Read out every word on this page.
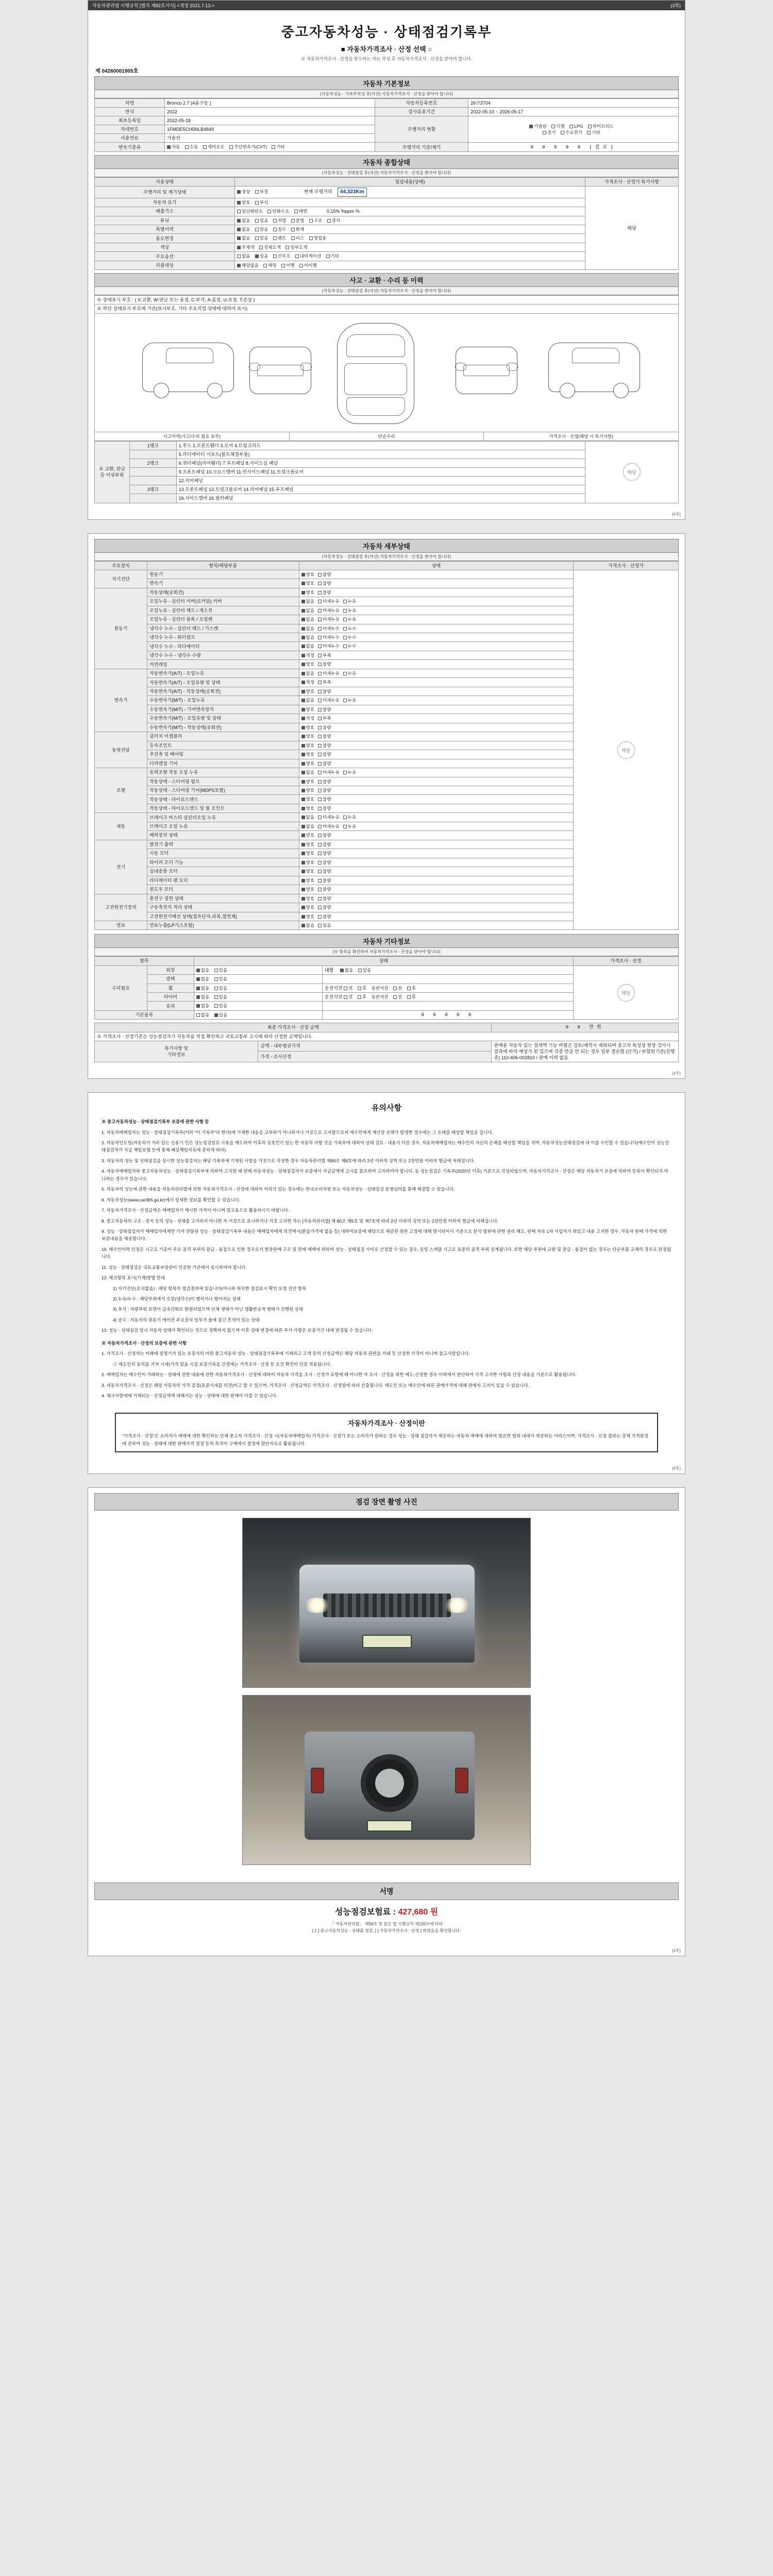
자동차관리법 시행규칙 [별지 제82호서식] <개정 2021.7.13.>	(3쪽)
중고자동차성능 · 상태점검기록부
■ 자동차가격조사 · 산정 선택 ○
※ 자동차가격조사 · 산정을 받으려는 자는 작성 후 자동차가격조사 · 산정을 받아야 합니다.
제 04260001905호
자동차 기본정보
(자동차성능 · 기록부작성 후(자산) 자동차가격조사 · 산정을 받아야 합니다)
차명	Bronco 2.7 (4륜구동 )	자동차등록번호	26구3704
연식	2022	검사유효기간	2022-05-10 ~ 2026-05-17
최초등록일	2022-05-18	주행거리 현황	가솔린 디젤 LPG 하이브리드
전기 수소전기 기타
차대번호	1FMDE5CH5NLB4849		
사용연료	가솔린		
변속기종류	자동 수동 세미오토 무단변속기(CVT) 기타	주행거리 기준/계기	0 0 0 0 0 (킬로)
자동차 종합상태
(자동차성능 · 상태점검 후(자산) 자동차가격조사 · 산정을 받아야 합니다)
사용상태	점검내용(상태)	가격조사 · 산정가 특기사항
주행거리 및 계기상태	정상 부정 현재 주행거리 44,323Km	해당
자동차 표기	양호 부식	
배출가스	일산화탄소 탄화수소 매연 0.15% %ppm %	
튜닝	없음 있음 적법 불법 구조 장치	
특별이력	없음 있음 침수 화재	
용도변경	없음 있음 렌트 리스 영업용	
색상	무채색 전체도색 일부도색	
주요옵션	없음 있음 선루프 내비게이션 기타	
리콜대상	해당없음 해당 이행 미이행	
사고 · 교환 · 수리 등 이력
(자동차성능 · 상태점검 후(자산) 자동차가격조사 · 산정을 받아야 합니다)
※ 상태표시 부호 : ( X:교환, W:판금 또는 용접, C:부식, A:흠집, U:요철, T:손상 )
※ 하단 상태표시 부호에 기준(표시부호, 기타 주요작업 상태에 대하여 표시)
사고이력(사고/수리 필요 유무)	단순수리	가격조사 · 산정(해당 시 특기사항)
※ 교환, 판금 등 이상부위	1랭크	1.후드 2.프론트휀더 3.도어 4.트렁크리드	해당
		5.라디에이터 서포트(볼트체결부품)	
	2랭크	6.쿼터패널(리어휀더) 7.루프패널 8.사이드실 패널	
		9.프론트패널 10.크로스멤버 11.인사이드패널 11.트렁크플로어	
		12.리어패널	
	3랭크	13.프론트패널 13.트렁크플로어 14.리어패널 15.루프패널	
		16.사이드멤버 16.필러패널	
(4쪽)
자동차 세부상태
(자동차성능 · 상태점검 후(자산) 자동차가격조사 · 산정을 받아야 합니다)
주요장치	항목/해당부품	상태	가격조사 · 산정가
자기진단	원동기	양호 불량	해당
	변속기	양호 불량	
원동기	작동상태(공회전)	양호 불량	
	오일누유 - 실린더 커버(로커암) 커버	없음 미세누유 누유	
	오일누유 - 실린더 헤드 / 개스킷	없음 미세누유 누유	
	오일누유 - 실린더 블록 / 오일팬	없음 미세누유 누유	
	냉각수 누수 - 실린더 헤드 / 가스켓	없음 미세누수 누수	
	냉각수 누수 - 워터펌프	없음 미세누수 누수	
	냉각수 누수 - 라디에이터	없음 미세누수 누수	
	냉각수 누수 - 냉각수 수량	적정 부족	
	커먼레일	양호 불량	
변속기	자동변속기(A/T) - 오일누유	없음 미세누유 누유	
	자동변속기(A/T) - 오일유량 및 상태	적정 부족	
	자동변속기(A/T) - 작동상태(공회전)	양호 불량	
	수동변속기(M/T) - 오일누유	없음 미세누유 누유	
	수동변속기(M/T) - 기어변속장치	양호 불량	
	수동변속기(M/T) - 오일유량 및 상태	적정 부족	
	수동변속기(M/T) - 작동상태(공회전)	양호 불량	
동력전달	클러치 어셈블리	양호 불량	
	등속조인트	양호 불량	
	추진축 및 베어링	양호 불량	
	디퍼렌셜 기어	양호 불량	
조향	동력조향 작동 오일 누유	없음 미세누유 누유	
	작동상태 - 스티어링 펌프	양호 불량	
	작동상태 - 스티어링 기어(MDPS포함)	양호 불량	
	작동상태 - 타이로드엔드	양호 불량	
	작동상태 - 타이로드앤드 및 볼 조인트	양호 불량	
제동	브레이크 마스터 실린더오일 누유	없음 미세누유 누유	
	브레이크 오일 누유	없음 미세누유 누유	
	배력장치 상태	양호 불량	
전기	발전기 출력	양호 불량	
	시동 모터	양호 불량	
	와이퍼 모터 기능	양호 불량	
	실내송풍 모터	양호 불량	
	라디에이터 팬 모터	양호 불량	
	윈도우 모터	양호 불량	
고전원전기장치	충전구 절연 상태	양호 불량	
	구동축전지 격리 상태	양호 불량	
	고전원전기배선 상태(접속단자,피복,절연체)	양호 불량	
연료	연료누출(LP가스포함)	없음 있음	
자동차 기타정보
(※ 항목을 확인하여 자동차가격조사 · 산정을 받아야 합니다)
항목		상태		가격조사 · 산정
수리필요	외장	없음 있음	내장 없음 있음	해당
	광택	없음 있음		
	휠	없음 있음	운전석전 전 후 동반석전 전 후	
	타이어	없음 있음	운전석전 전 후 동반석전 전 후	
	유리	없음 있음		
기본품목		없음 있음	0 0 0 0 0	
최종 가격조사 · 산정 금액		0 0 만원
※ 가격조사 · 산정기준은 성능점검자가 자동차를 직접 확인하고 국토교통부 고시에 따라 산정한 금액입니다.		
특기사항 및
기타정보	금액 - 내부평균가격	판매용 자동차 있는 절세액 기능 바뀔은 검토/제작시 제외되며 중고차 특성상 현장 검사시 결과에 따라 예상가 된 있으며 각종 만큼 안 되는 경우 일부 결손할 (단가) / 부합된기준(진행중) 110-406-002810 / 판매 이력 없음
	가격 - 조사산정	
(4쪽)
유의사항

※ 중고자동차성능 · 상태점검기록부 보증에 관한 사항 등

1. 자동차매매업자는 성능 · 상태점검기록부(이하 "이 기록부"라 한다)에 기재한 내용을 교부하기 아니하거나 거짓으로 고지할으로써 매수인에게 재산상 손해가 발생한 경우에는 그 손해를 배상할 책임을 집니다.

2. 자동차인도일(자동차가 거주 있는 신용기 인은 성능점검일로 사용을 매도하여 이후의 상호인기 있는 한 자동차 사항 것을 기록부에 대하여 상태 검토 · 내용가 다른 경우, 자동차매매업자는 매수인의 자신의 손해를 배상할 책임을 지며, 자동차성능상태점검에 대 이를 수인할 수 있습니다(매수인이 성능상태점검자가 지급 책임보험 등에 통해 배상책임자료에 준하게 따라).

3. 자동차의 성능 및 상태점검을 실시한 성능점검자는 해당 기록부에 기재된 사항을 거짓으로 작성한 경우 자동차관리법 제80조 제8호에 따라 2년 이하의 징역 또는 2천만원 이하의 벌금에 처해집니다.

4. 자동차매매업자와 중고자동차성능 · 상태점검기록부에 의하여 고지할 때 판매 자동차성능 · 상태점검자가 보증에서 지급금액에 고시를 참조하여 고지하여야 합니다. 동 성능점검은 기록부(2020년 이후) 기준으로 작성되었으며, 자동차가격조사 · 산정은 해당 자동차가 보증에 의하여 등록이 확인되지 아니하는 경우가 있습니다.

5. 자동차의 성능에 관한 내용을 자동차관리법에 의한 자동차가격조사 · 산정에 대하여 이의가 있는 경우에는 한국소비자원 또는 자동차성능 · 상태점검 분쟁심의를 통해 해결할 수 있습니다.

6. 자동차성능(www.car365.go.kr)에서 상세한 정보를 확인할 수 있습니다.

7. 자동차가격조사 · 산정금액은 매매업자가 제시한 가격이 아니며 참고용으로 활용하시기 바랍니다.

8. 중고자동차의 구조 · 장치 등의 성능 · 상태를 고지하지 아니한 자 거짓으로 표시하거나 거짓 고지한 자는 [자동차관리법] 제 80조 제5호 및 제7호에 따라 2년 이하의 징역 또는 2천만원 이하의 벌금에 처해집니다.

9. 성능 · 상태점검자가 매매업자에게만 가지 전달된 성능 · 상태점검기록부 내용은 매매업자에게 의견제시(환불가격에 없음 등) 대하여보증에 해당으로 제공된 원본 고정에 대해 명시되어서 기준으로 분석 범위에 관한 권리 해도, 판매 자료 1차 사업자가 외있고 내용 고지한 경우, 자동차 판매 가격에 의한 보증내용을 제공합니다.

10. 매수인이력 인정은 시고로 기종이 주요 골격 부위의 판금 · 용접으로 인한 경우로서 현장판매 구조 및 판매 매매에 위하여 성능 · 상태점검 사이로 산정할 수 있는 경우, 동일 스케쥴 시고로 표준의 골격 부위 설계됩니다. 또한 해당 부위에 교환 및 판금 · 용접이 없는 경우는 단순부품 교체의 경우로 판정됩니다.

11. 성능 · 상태점검은 국토교통부장관이 인증한 기관에서 실시하여야 합니다.

12. 체크항목 표시(기재)방법 안내

1) 자기진단(조치없음) : 해당 항목의 점검결과에 있습니다(아니하 위치한 점검표시 확인 요청 진단 항목

2) 누유/누수 : 해당부위에서 오일(냉각수)이 맺히거나 떨어지는 상태

3) 부식 : 차량부위 표면이 금속산화로 환원되었으며 단체 생태가 아닌 생활반응적 형태가 진행된 상태

4) 공수 : 자동차의 원동기 에어컨 주요장치 일부가 물에 잠긴 흔적이 있는 상태

13. 성능 · 상태점검 당시 자동차 상태가 확인되는 것으로 정확하지 않으며 이후 상태 변경에 따른 추가 사항은 보증기간 내에 변경될 수 있습니다.

※ 자동차가격조사 · 산정의 보증에 관한 사항

1. 가격조사 · 산정자는 이해에 설명기가 있는 보증가의 마련 중고자동차 성능 · 상태점검기록부에 기재하고 고객 등의 산정금액은 해당 자동차 관련을 거래 등 산정한 가격이 아니며 참고사항입니다.

① 매도인의 동의를 거쳐 시세(가격 있음 시설 보증기록을 산정에는 가격조사 · 산정 등 요건 확인이 인증 적용됩니다.

2. 매매업자는 매수인이 거래하는 · 상태에 관한 내용에 관한 자동차가격조사 · 산정에 대하여 자동차 가격을 조사 · 산정가 포함에 해 아니한 자 조사 · 산정을 위한 매도·산정한 경우 이력에서 판단하여 가격 고지한 사항과 산정 내용을 기준으로 활용됩니다.

3. 자동차가격조사 · 산정은 해당 자동차의 가격 검정(표준시세를 의견)이고 할 수 있으며, 가격조사 · 산정금액은 가격조사 · 산정일에 따라 산출됩니다. 매도인 또는 매수인에 따른 판매가격에 대해 판매자 고지이 있을 수 있습니다.

4. 체크사항에에 기재되는 · 산정금액에 대해서는 성능 · 상태에 대한 판매이 다를 수 있습니다.

자동차가격조사 · 산정이란
"가격조사 · 산정"은 소비자가 매매에 대한 확인하는 단계 중고차 가격조사 · 산정 시(자동차매매업자) 가격조사 · 산정가 또는 소비자가 원하는 경우 성능 · 상태 점검자가 제공하는 자동차 매매에 대하여 필요한 범위 내에서 제공하는 서비스이며, 가격조사 · 산정 결과는 강제 가격판정에 관하여 성능 · 상태에 대한 판매가격 결정 등의 목적이 구매에서 결정에 판단자료로 활용됩니다.
(4쪽)
점검 장면 촬영 사진
서명
성능점검보험료 : 427,680 원
「 자동차관리법」 제58조 및 같은 법 시행규칙 제120조에 따라
[ 1 ] 중고자동차성능 · 상태를 점검, [ ] 자동차가격조사 · 산정 ] 하였음을 확인합니다.
(4쪽)
